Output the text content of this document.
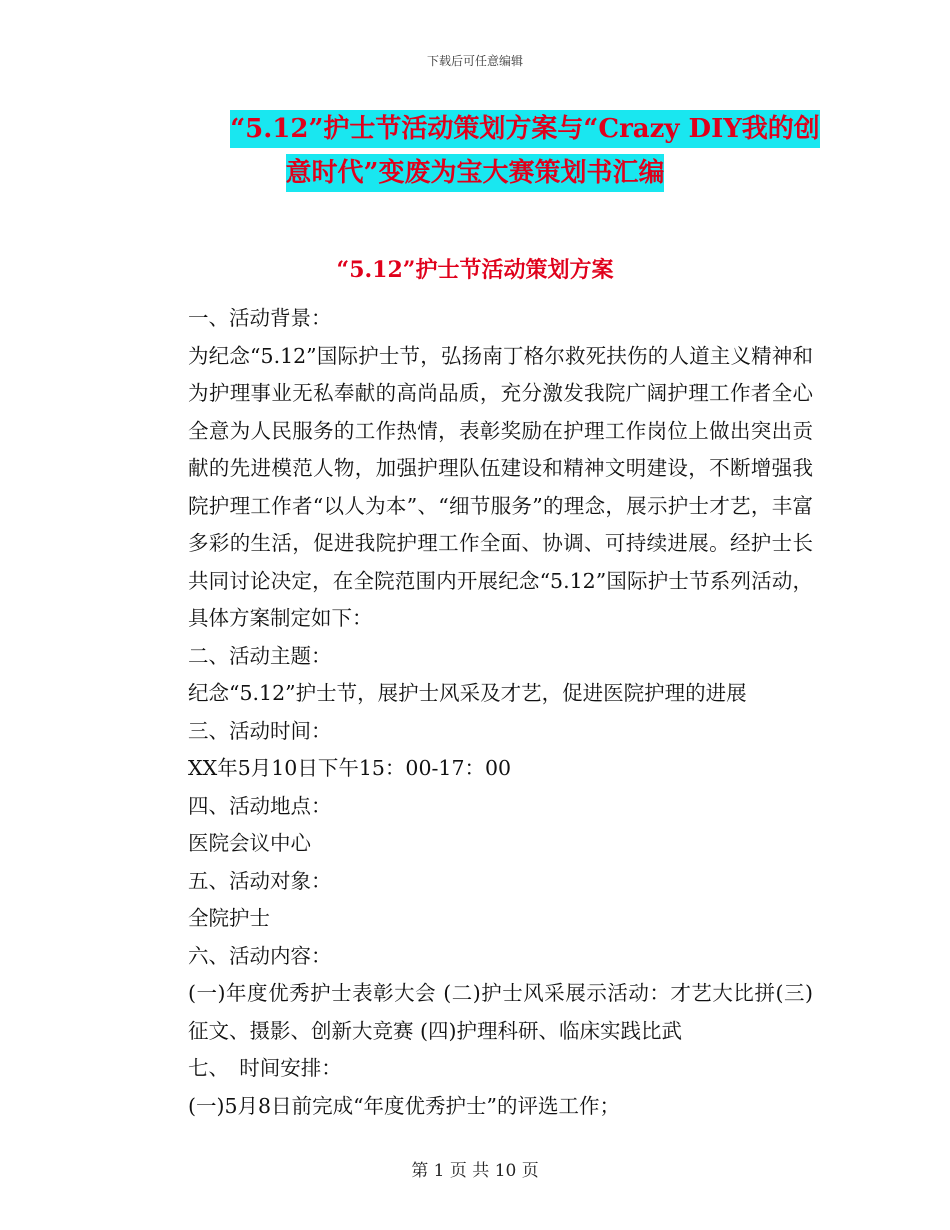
下载后可任意编辑
“5.12”护士节活动策划方案与“Crazy DIY我的创
意时代”变废为宝大赛策划书汇编
“5.12”护士节活动策划方案

一、活动背景：

为纪念“5.12”国际护士节，弘扬南丁格尔救死扶伤的人道主义精神和为护理事业无私奉献的高尚品质，充分激发我院广阔护理工作者全心全意为人民服务的工作热情，表彰奖励在护理工作岗位上做出突出贡献的先进模范人物，加强护理队伍建设和精神文明建设，不断增强我院护理工作者“以人为本”、“细节服务”的理念，展示护士才艺，丰富多彩的生活，促进我院护理工作全面、协调、可持续进展。经护士长共同讨论决定，在全院范围内开展纪念“5.12”国际护士节系列活动，具体方案制定如下：

二、活动主题：

纪念“5.12”护士节，展护士风采及才艺，促进医院护理的进展

三、活动时间：

XX年5月10日下午15：00-17：00

四、活动地点：

医院会议中心

五、活动对象：

全院护士

六、活动内容：

(一)年度优秀护士表彰大会 (二)护士风采展示活动：才艺大比拼(三)征文、摄影、创新大竞赛 (四)护理科研、临床实践比武

七、　时间安排：

(一)5月8日前完成“年度优秀护士”的评选工作；

第 1 页 共 10 页
